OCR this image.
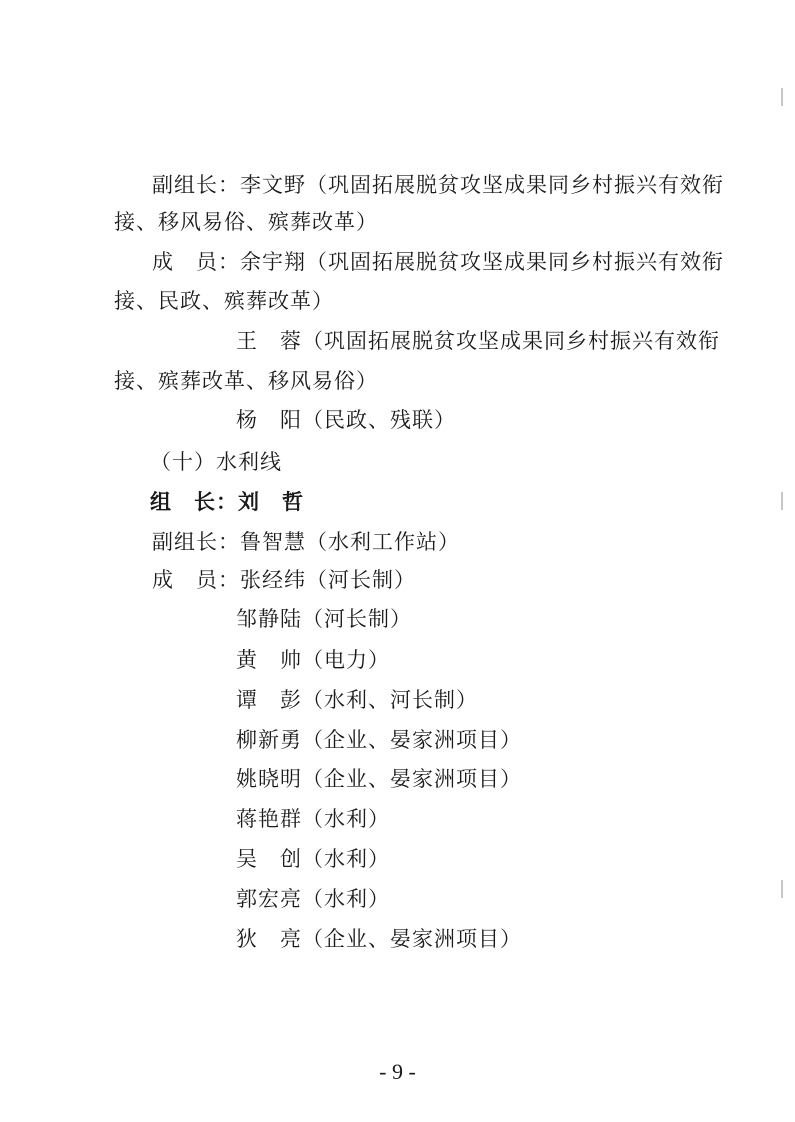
副组长：李文野（巩固拓展脱贫攻坚成果同乡村振兴有效衔
接、移风易俗、殡葬改革）
成　员：余宇翔（巩固拓展脱贫攻坚成果同乡村振兴有效衔
接、民政、殡葬改革）
王　蓉（巩固拓展脱贫攻坚成果同乡村振兴有效衔
接、殡葬改革、移风易俗）
杨　阳（民政、残联）
（十）水利线
组　长：刘　哲
副组长：鲁智慧（水利工作站）
成　员：张经纬（河长制）
邹静陆（河长制）
黄　帅（电力）
谭　彭（水利、河长制）
柳新勇（企业、晏家洲项目）
姚晓明（企业、晏家洲项目）
蒋艳群（水利）
吴　创（水利）
郭宏亮（水利）
狄　亮（企业、晏家洲项目）
- 9 -
